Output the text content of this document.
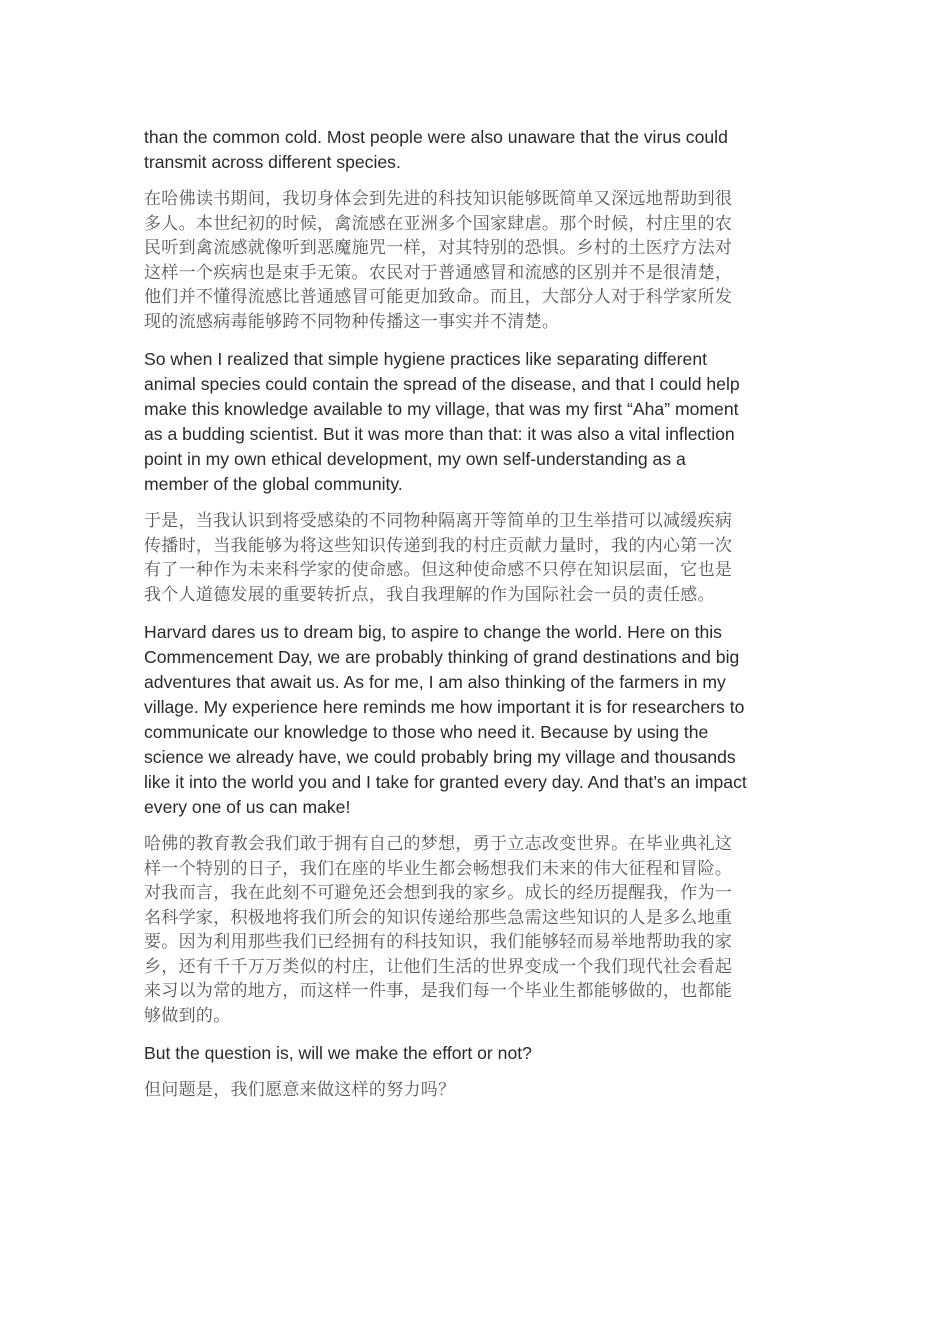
than the common cold. Most people were also unaware that the virus could
transmit across different species.

在哈佛读书期间，我切身体会到先进的科技知识能够既简单又深远地帮助到很
多人。本世纪初的时候，禽流感在亚洲多个国家肆虐。那个时候，村庄里的农
民听到禽流感就像听到恶魔施咒一样，对其特别的恐惧。乡村的土医疗方法对
这样一个疾病也是束手无策。农民对于普通感冒和流感的区别并不是很清楚，
他们并不懂得流感比普通感冒可能更加致命。而且，大部分人对于科学家所发
现的流感病毒能够跨不同物种传播这一事实并不清楚。

So when I realized that simple hygiene practices like separating different
animal species could contain the spread of the disease, and that I could help
make this knowledge available to my village, that was my first “Aha” moment
as a budding scientist. But it was more than that: it was also a vital inflection
point in my own ethical development, my own self-understanding as a
member of the global community.

于是，当我认识到将受感染的不同物种隔离开等简单的卫生举措可以减缓疾病
传播时，当我能够为将这些知识传递到我的村庄贡献力量时，我的内心第一次
有了一种作为未来科学家的使命感。但这种使命感不只停在知识层面，它也是
我个人道德发展的重要转折点，我自我理解的作为国际社会一员的责任感。

Harvard dares us to dream big, to aspire to change the world. Here on this
Commencement Day, we are probably thinking of grand destinations and big
adventures that await us. As for me, I am also thinking of the farmers in my
village. My experience here reminds me how important it is for researchers to
communicate our knowledge to those who need it. Because by using the
science we already have, we could probably bring my village and thousands
like it into the world you and I take for granted every day. And that’s an impact
every one of us can make!

哈佛的教育教会我们敢于拥有自己的梦想，勇于立志改变世界。在毕业典礼这
样一个特别的日子，我们在座的毕业生都会畅想我们未来的伟大征程和冒险。
对我而言，我在此刻不可避免还会想到我的家乡。成长的经历提醒我，作为一
名科学家，积极地将我们所会的知识传递给那些急需这些知识的人是多么地重
要。因为利用那些我们已经拥有的科技知识，我们能够轻而易举地帮助我的家
乡，还有千千万万类似的村庄，让他们生活的世界变成一个我们现代社会看起
来习以为常的地方，而这样一件事，是我们每一个毕业生都能够做的，也都能
够做到的。

But the question is, will we make the effort or not?

但问题是，我们愿意来做这样的努力吗？
